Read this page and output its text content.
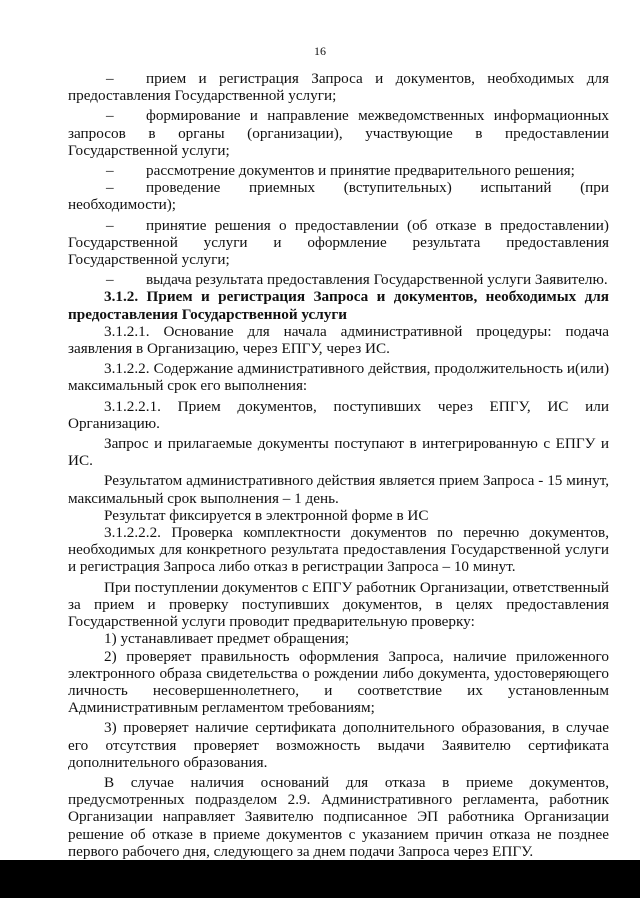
16

– прием и регистрация Запроса и документов, необходимых для предоставления Государственной услуги;

– формирование и направление межведомственных информационных запросов в органы (организации), участвующие в предоставлении Государственной услуги;

– рассмотрение документов и принятие предварительного решения;

– проведение приемных (вступительных) испытаний (при необходимости);

– принятие решения о предоставлении (об отказе в предоставлении) Государственной услуги и оформление результата предоставления Государственной услуги;

– выдача результата предоставления Государственной услуги Заявителю.

3.1.2. Прием и регистрация Запроса и документов, необходимых для предоставления Государственной услуги

3.1.2.1. Основание для начала административной процедуры: подача заявления в Организацию, через ЕПГУ, через ИС.

3.1.2.2. Содержание административного действия, продолжительность и(или) максимальный срок его выполнения:

3.1.2.2.1. Прием документов, поступивших через ЕПГУ, ИС или Организацию.

Запрос и прилагаемые документы поступают в интегрированную с ЕПГУ и ИС.

Результатом административного действия является прием Запроса - 15 минут, максимальный срок выполнения – 1 день.

Результат фиксируется в электронной форме в ИС

3.1.2.2.2. Проверка комплектности документов по перечню документов, необходимых для конкретного результата предоставления Государственной услуги и регистрация Запроса либо отказ в регистрации Запроса – 10 минут.

При поступлении документов с ЕПГУ работник Организации, ответственный за прием и проверку поступивших документов, в целях предоставления Государственной услуги проводит предварительную проверку:

1) устанавливает предмет обращения;

2) проверяет правильность оформления Запроса, наличие приложенного электронного образа свидетельства о рождении либо документа, удостоверяющего личность несовершеннолетнего, и соответствие их установленным Административным регламентом требованиям;

3) проверяет наличие сертификата дополнительного образования, в случае его отсутствия проверяет возможность выдачи Заявителю сертификата дополнительного образования.

В случае наличия оснований для отказа в приеме документов, предусмотренных подразделом 2.9. Административного регламента, работник Организации направляет Заявителю подписанное ЭП работника Организации решение об отказе в приеме документов с указанием причин отказа не позднее первого рабочего дня, следующего за днем подачи Запроса через ЕПГУ.
